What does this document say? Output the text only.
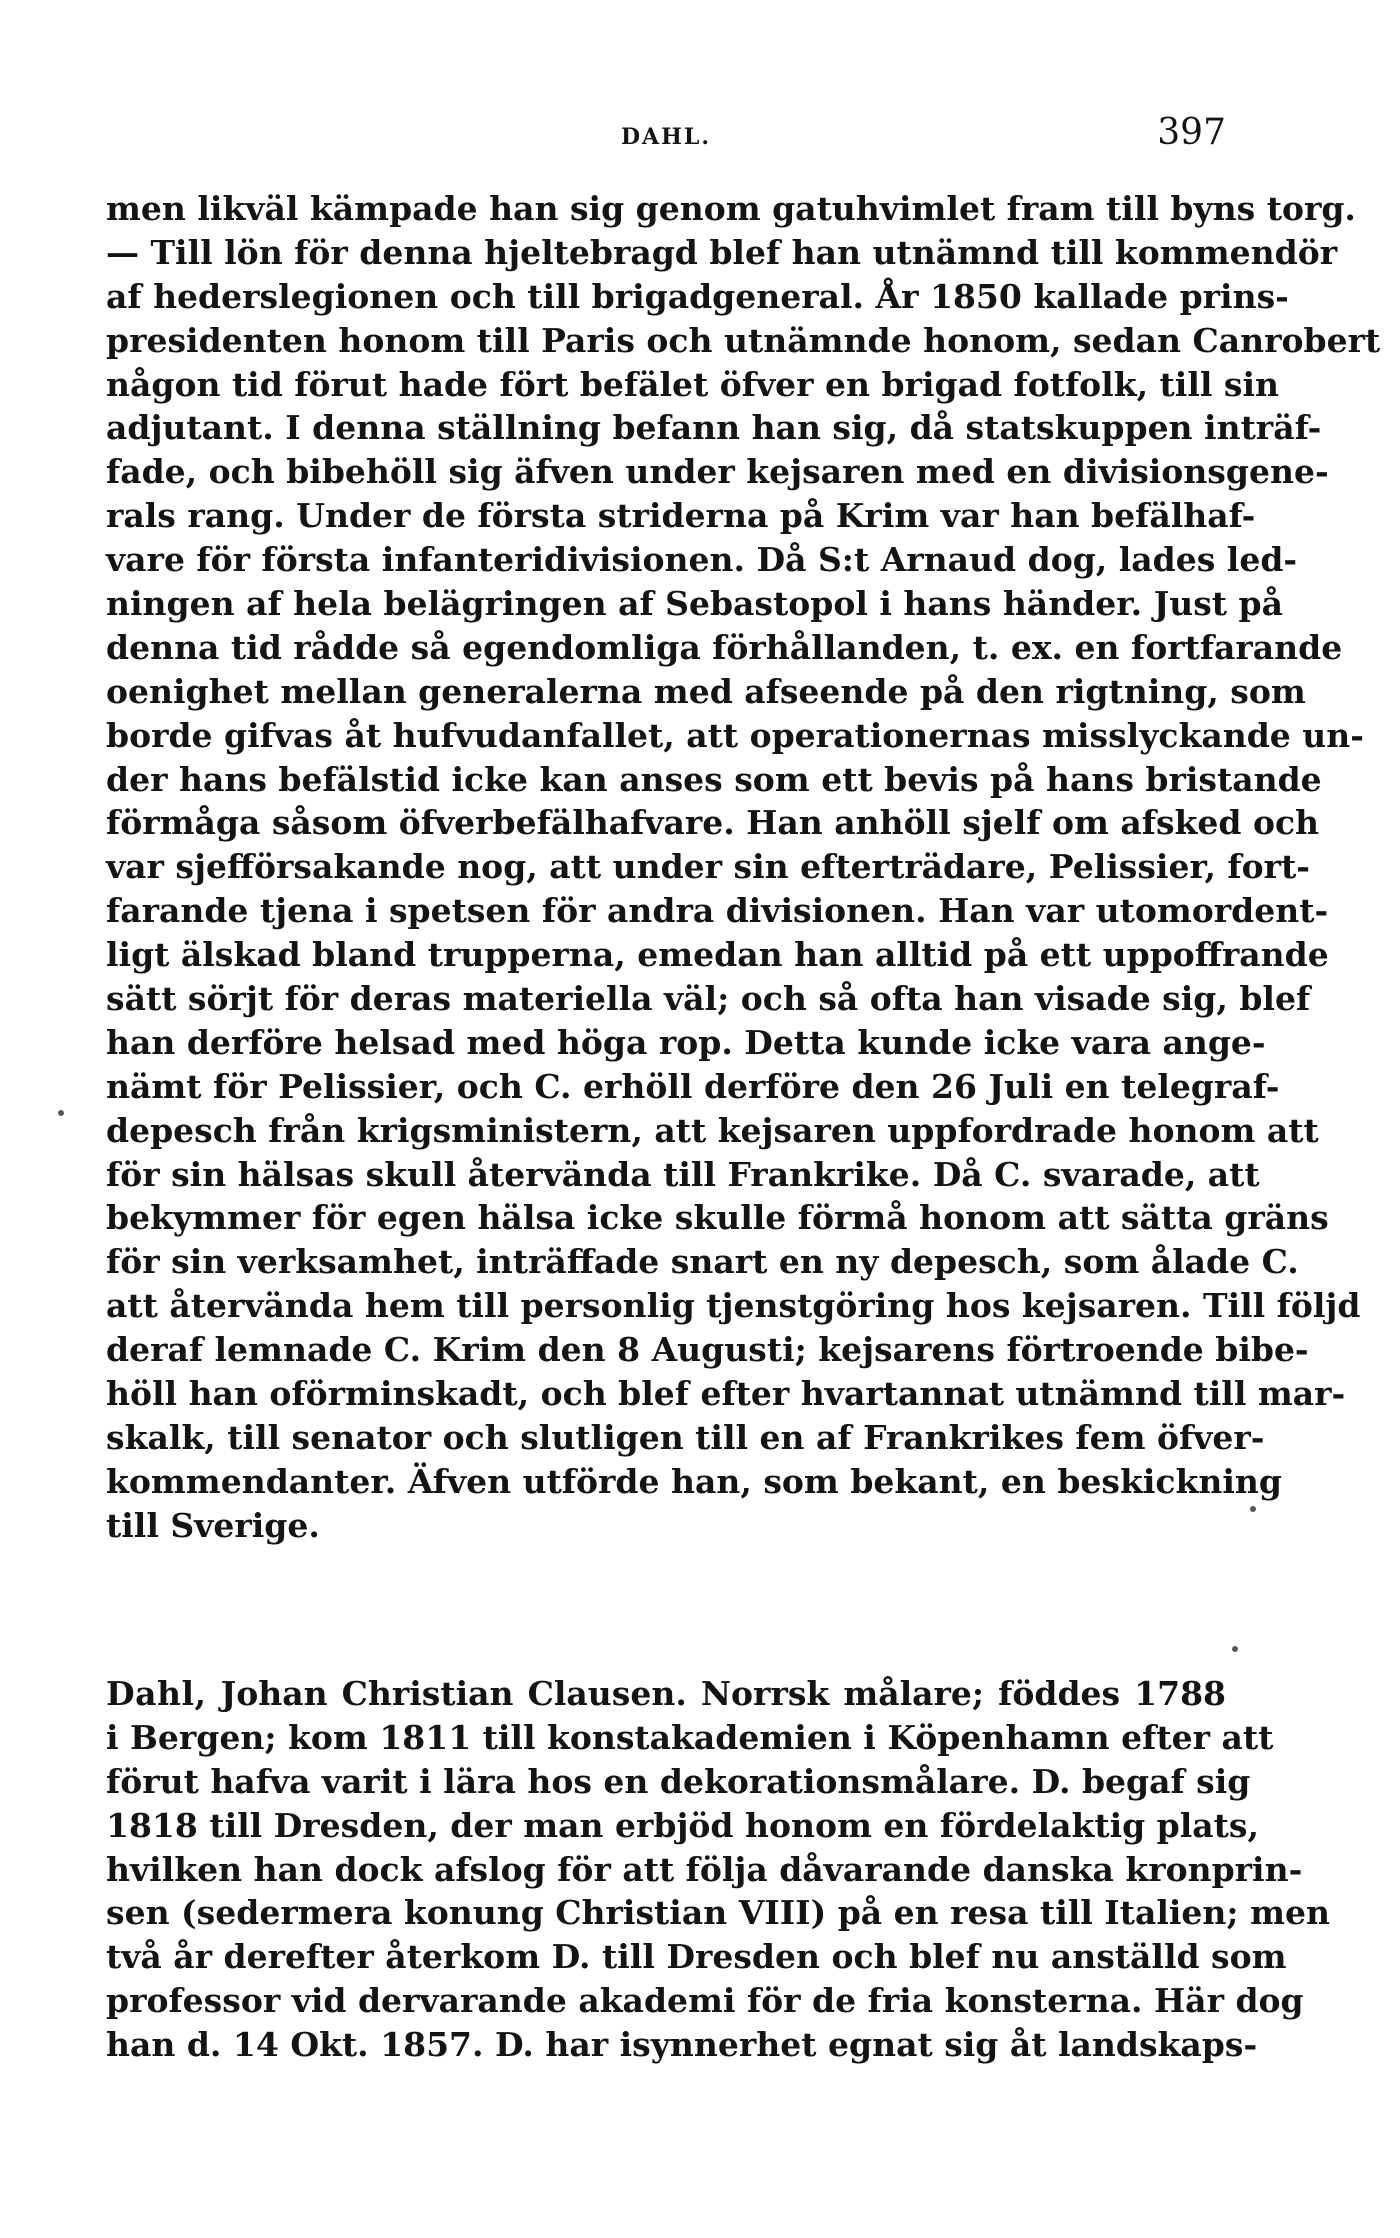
DAHL.	397
men likväl kämpade han sig genom gatuhvimlet fram till byns torg.
— Till lön för denna hjeltebragd blef han utnämnd till kommendör
af hederslegionen och till brigadgeneral. År 1850 kallade prins-
presidenten honom till Paris och utnämnde honom, sedan Canrobert
någon tid förut hade fört befälet öfver en brigad fotfolk, till sin
adjutant. I denna ställning befann han sig, då statskuppen inträf-
fade, och bibehöll sig äfven under kejsaren med en divisionsgene-
rals rang. Under de första striderna på Krim var han befälhaf-
vare för första infanteridivisionen. Då S:t Arnaud dog, lades led-
ningen af hela belägringen af Sebastopol i hans händer. Just på
denna tid rådde så egendomliga förhållanden, t. ex. en fortfarande
oenighet mellan generalerna med afseende på den rigtning, som
borde gifvas åt hufvudanfallet, att operationernas misslyckande un-
der hans befälstid icke kan anses som ett bevis på hans bristande
förmåga såsom öfverbefälhafvare. Han anhöll sjelf om afsked och
var sjefförsakande nog, att under sin efterträdare, Pelissier, fort-
farande tjena i spetsen för andra divisionen. Han var utomordent-
ligt älskad bland trupperna, emedan han alltid på ett uppoffrande
sätt sörjt för deras materiella väl; och så ofta han visade sig, blef
han derföre helsad med höga rop. Detta kunde icke vara ange-
nämt för Pelissier, och C. erhöll derföre den 26 Juli en telegraf-
depesch från krigsministern, att kejsaren uppfordrade honom att
för sin hälsas skull återvända till Frankrike. Då C. svarade, att
bekymmer för egen hälsa icke skulle förmå honom att sätta gräns
för sin verksamhet, inträffade snart en ny depesch, som ålade C.
att återvända hem till personlig tjenstgöring hos kejsaren. Till följd
deraf lemnade C. Krim den 8 Augusti; kejsarens förtroende bibe-
höll han oförminskadt, och blef efter hvartannat utnämnd till mar-
skalk, till senator och slutligen till en af Frankrikes fem öfver-
kommendanter. Äfven utförde han, som bekant, en beskickning
till Sverige.
Dahl, Johan Christian Clausen. Norrsk målare; föddes 1788
i Bergen; kom 1811 till konstakademien i Köpenhamn efter att
förut hafva varit i lära hos en dekorationsmålare. D. begaf sig
1818 till Dresden, der man erbjöd honom en fördelaktig plats,
hvilken han dock afslog för att följa dåvarande danska kronprin-
sen (sedermera konung Christian VIII) på en resa till Italien; men
två år derefter återkom D. till Dresden och blef nu anställd som
professor vid dervarande akademi för de fria konsterna. Här dog
han d. 14 Okt. 1857. D. har isynnerhet egnat sig åt landskaps-
